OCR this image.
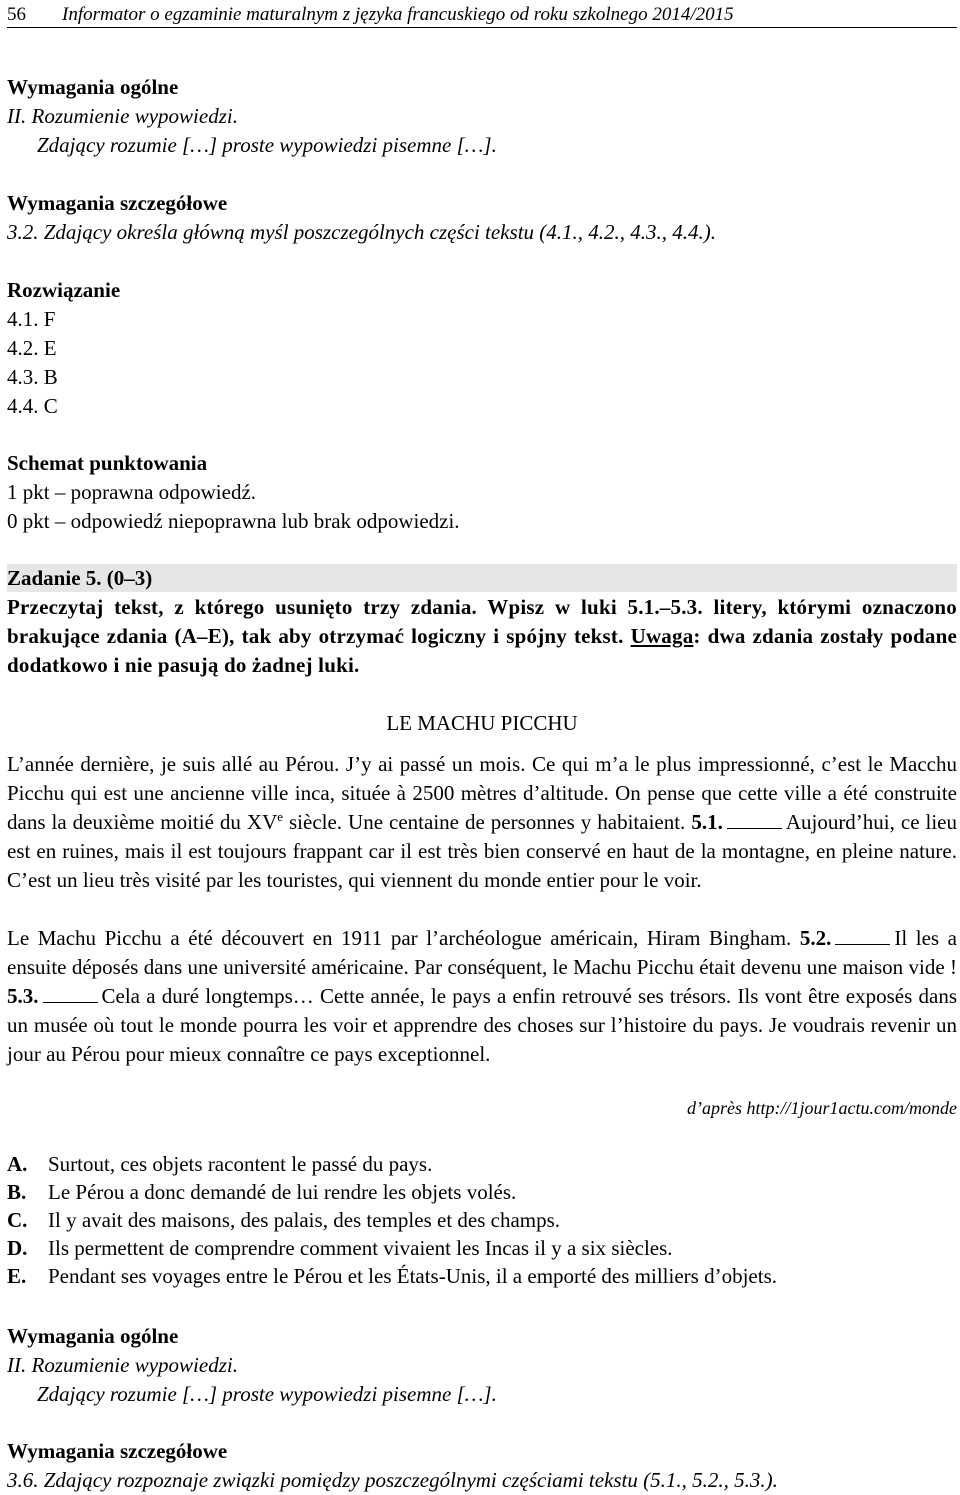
56 Informator o egzaminie maturalnym z języka francuskiego od roku szkolnego 2014/2015
Wymagania ogólne
II. Rozumienie wypowiedzi.
Zdający rozumie […] proste wypowiedzi pisemne […].
Wymagania szczegółowe
3.2. Zdający określa główną myśl poszczególnych części tekstu (4.1., 4.2., 4.3., 4.4.).
Rozwiązanie
4.1. F
4.2. E
4.3. B
4.4. C
Schemat punktowania
1 pkt – poprawna odpowiedź.
0 pkt – odpowiedź niepoprawna lub brak odpowiedzi.
Zadanie 5. (0–3)
Przeczytaj tekst, z którego usunięto trzy zdania. Wpisz w luki 5.1.–5.3. litery, którymi oznaczono brakujące zdania (A–E), tak aby otrzymać logiczny i spójny tekst. Uwaga: dwa zdania zostały podane dodatkowo i nie pasują do żadnej luki.
LE MACHU PICCHU
L’année dernière, je suis allé au Pérou. J’y ai passé un mois. Ce qui m’a le plus impressionné, c’est le Macchu Picchu qui est une ancienne ville inca, située à 2500 mètres d’altitude. On pense que cette ville a été construite dans la deuxième moitié du XVe siècle. Une centaine de personnes y habitaient. 5.1.	Aujourd’hui, ce lieu est en ruines, mais il est toujours frappant car il est très bien conservé en haut de la montagne, en pleine nature. C’est un lieu très visité par les touristes, qui viennent du monde entier pour le voir.
Le Machu Picchu a été découvert en 1911 par l’archéologue américain, Hiram Bingham. 5.2.	Il les a ensuite déposés dans une université américaine. Par conséquent, le Machu Picchu était devenu une maison vide ! 5.3.	Cela a duré longtemps… Cette année, le pays a enfin retrouvé ses trésors. Ils vont être exposés dans un musée où tout le monde pourra les voir et apprendre des choses sur l’histoire du pays. Je voudrais revenir un jour au Pérou pour mieux connaître ce pays exceptionnel.
d’après http://1jour1actu.com/monde
A. Surtout, ces objets racontent le passé du pays.
B. Le Pérou a donc demandé de lui rendre les objets volés.
C. Il y avait des maisons, des palais, des temples et des champs.
D. Ils permettent de comprendre comment vivaient les Incas il y a six siècles.
E. Pendant ses voyages entre le Pérou et les États-Unis, il a emporté des milliers d’objets.
Wymagania ogólne
II. Rozumienie wypowiedzi.
Zdający rozumie […] proste wypowiedzi pisemne […].
Wymagania szczegółowe
3.6. Zdający rozpoznaje związki pomiędzy poszczególnymi częściami tekstu (5.1., 5.2., 5.3.).
